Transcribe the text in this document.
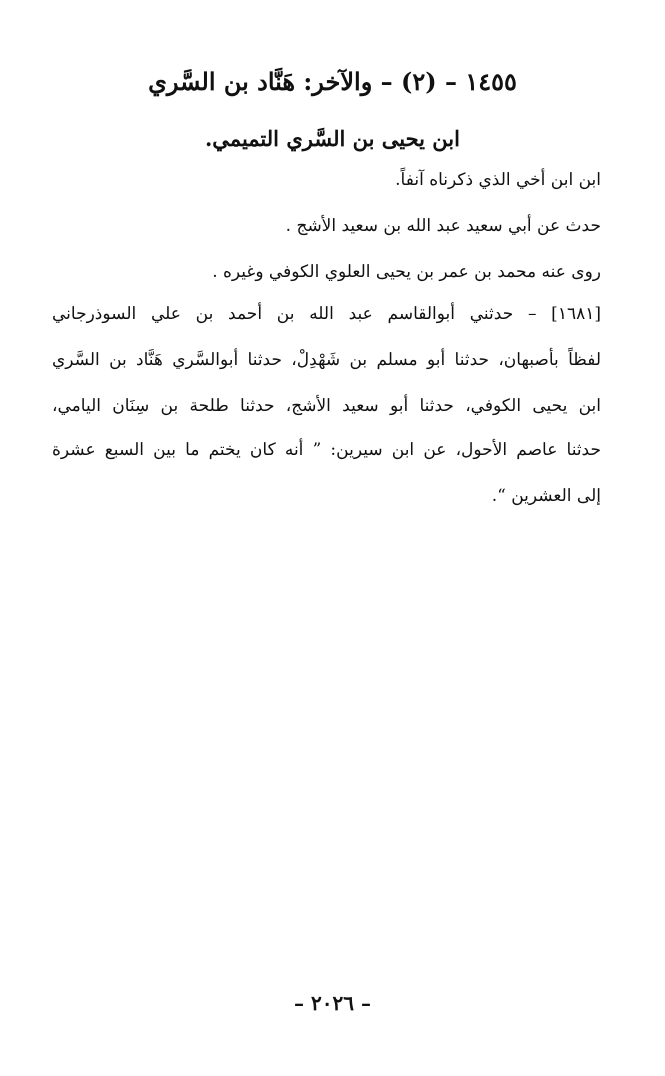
١٤٥٥ – (٢) – والآخر: هَنَّاد بن السَّري
ابن يحيى بن السَّري التميمي.
ابن ابن أخي الذي ذكرناه آنفاً.
حدث عن أبي سعيد عبد الله بن سعيد الأشج .
روى عنه محمد بن عمر بن يحيى العلوي الكوفي وغيره .
[١٦٨١] – حدثني أبوالقاسم عبد الله بن أحمد بن علي السوذرجاني
لفظاً بأصبهان، حدثنا أبو مسلم بن شَهْدِلْ، حدثنا أبوالسَّري هَنَّاد بن السَّري
ابن يحيى الكوفي، حدثنا أبو سعيد الأشج، حدثنا طلحة بن سِنَان اليامي،
حدثنا عاصم الأحول، عن ابن سيرين: ” أنه كان يختم ما بين السبع عشرة
إلى العشرين “.
– ٢٠٢٦ –
